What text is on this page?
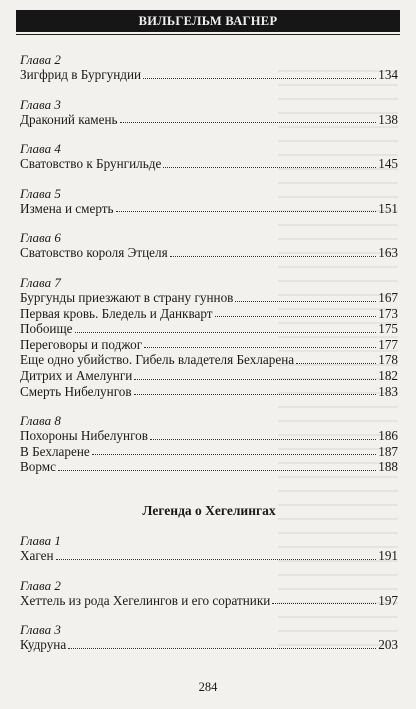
ВИЛЬГЕЛЬМ ВАГНЕР
Глава 2
Зигфрид в Бургундии	134
Глава 3
Драконий камень	138
Глава 4
Сватовство к Брунгильде	145
Глава 5
Измена и смерть	151
Глава 6
Сватовство короля Этцеля	163
Глава 7
Бургунды приезжают в страну гуннов	167
Первая кровь. Бледель и Данкварт	173
Побоище	175
Переговоры и поджог	177
Еще одно убийство. Гибель владетеля Бехларена	178
Дитрих и Амелунги	182
Смерть Нибелунгов	183
Глава 8
Похороны Нибелунгов	186
В Бехларене	187
Вормс	188
Легенда о Хегелингах
Глава 1
Хаген	191
Глава 2
Хеттель из рода Хегелингов и его соратники	197
Глава 3
Кудруна	203
284
